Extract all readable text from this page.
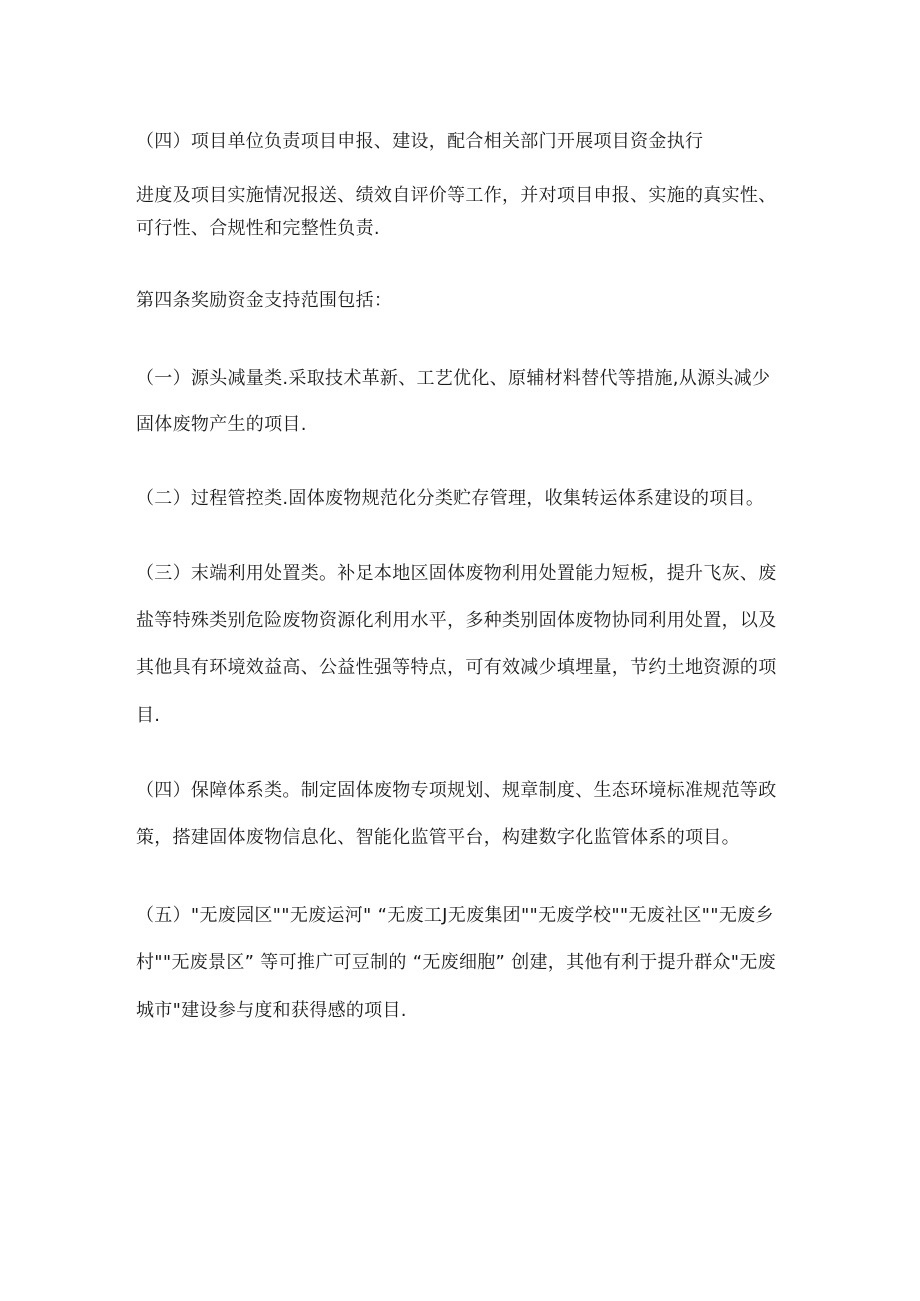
（四）项目单位负责项目申报、建设，配合相关部门开展项目资金执行
进度及项目实施情况报送、绩效自评价等工作，并对项目申报、实施的真实性、
可行性、合规性和完整性负责.
第四条奖励资金支持范围包括：
（一）源头减量类.采取技术革新、工艺优化、原辅材料替代等措施,从源头减少
固体废物产生的项目.
（二）过程管控类.固体废物规范化分类贮存管理，收集转运体系建设的项目。
（三）末端利用处置类。补足本地区固体废物利用处置能力短板，提升飞灰、废
盐等特殊类别危险废物资源化利用水平，多种类别固体废物协同利用处置，以及
其他具有环境效益高、公益性强等特点，可有效减少填埋量，节约土地资源的项
目.
（四）保障体系类。制定固体废物专项规划、规章制度、生态环境标准规范等政
策，搭建固体废物信息化、智能化监管平台，构建数字化监管体系的项目。
（五）"无废园区""无废运河" “无废工J无废集团""无废学校""无废社区""无废乡
村""无废景区” 等可推广可豆制的 “无废细胞” 创建，其他有利于提升群众"无废
城市"建设参与度和获得感的项目.
